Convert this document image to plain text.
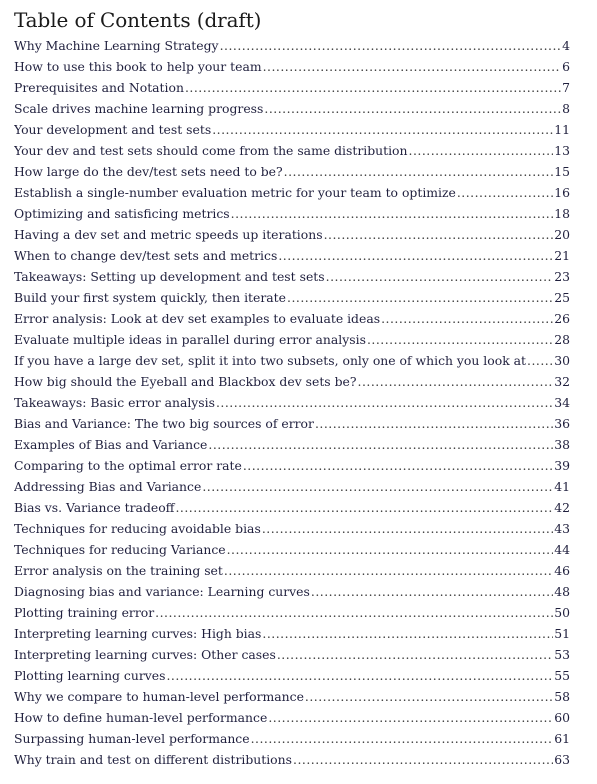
Table of Contents (draft)
Why Machine Learning Strategy .....	4
How to use this book to help your team .....	6
Prerequisites and Notation .....	7
Scale drives machine learning progress .....	8
Your development and test sets .....	11
Your dev and test sets should come from the same distribution .....	13
How large do the dev/test sets need to be? .....	15
Establish a single-number evaluation metric for your team to optimize .....	16
Optimizing and satisficing metrics .....	18
Having a dev set and metric speeds up iterations .....	20
When to change dev/test sets and metrics .....	21
Takeaways: Setting up development and test sets .....	23
Build your first system quickly, then iterate .....	25
Error analysis: Look at dev set examples to evaluate ideas .....	26
Evaluate multiple ideas in parallel during error analysis .....	28
If you have a large dev set, split it into two subsets, only one of which you look at ..... 30
How big should the Eyeball and Blackbox dev sets be? .....	32
Takeaways: Basic error analysis .....	34
Bias and Variance: The two big sources of error .....	36
Examples of Bias and Variance .....	38
Comparing to the optimal error rate .....	39
Addressing Bias and Variance .....	41
Bias vs. Variance tradeoff .....	42
Techniques for reducing avoidable bias .....	43
Techniques for reducing Variance .....	44
Error analysis on the training set .....	46
Diagnosing bias and variance: Learning curves .....	48
Plotting training error .....	50
Interpreting learning curves: High bias .....	51
Interpreting learning curves: Other cases .....	53
Plotting learning curves .....	55
Why we compare to human-level performance .....	58
How to define human-level performance .....	60
Surpassing human-level performance .....	61
Why train and test on different distributions .....	63
